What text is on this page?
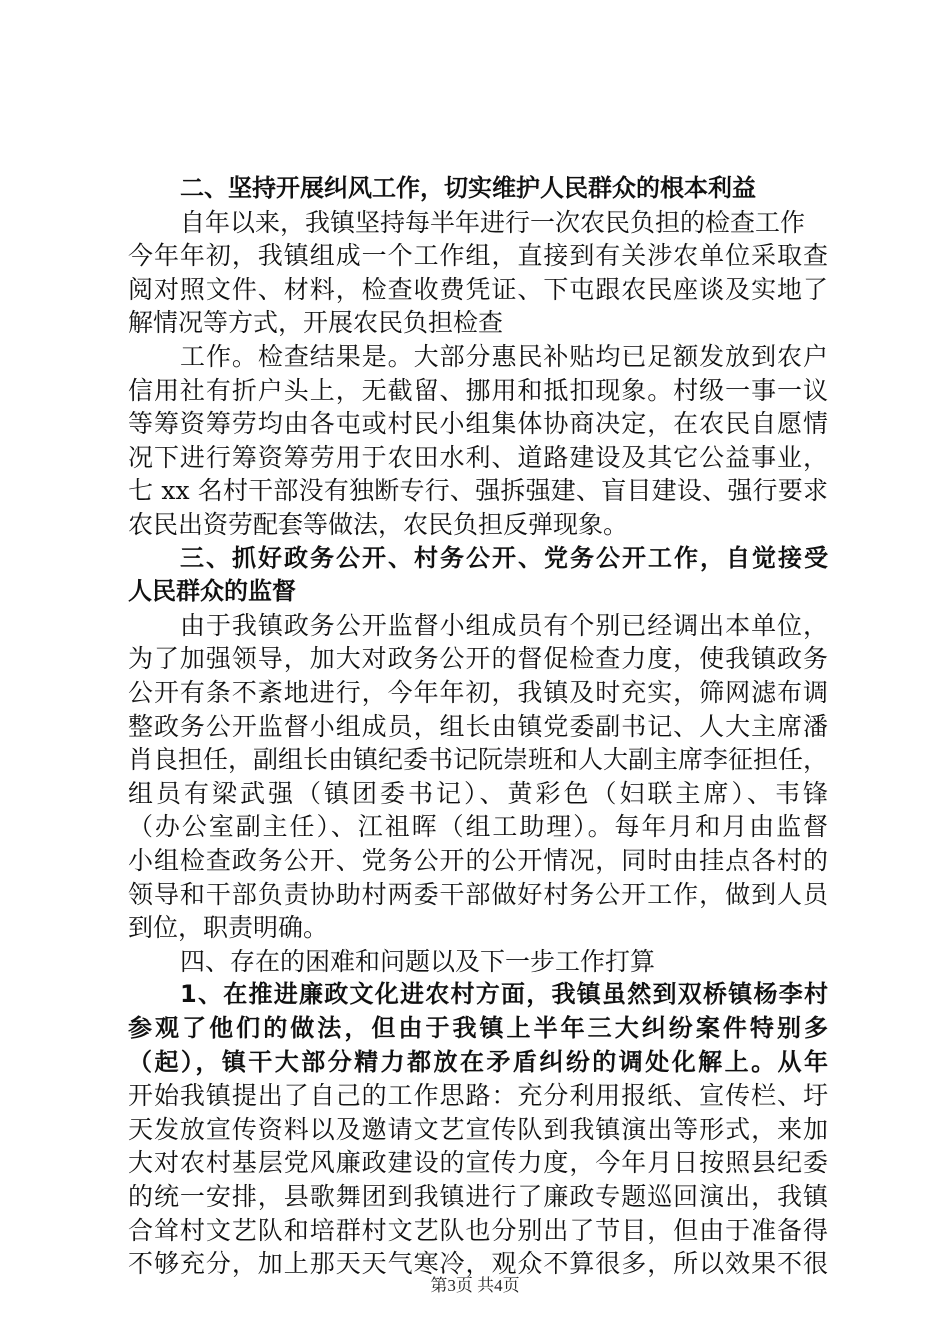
二、坚持开展纠风工作，切实维护人民群众的根本利益
自年以来，我镇坚持每半年进行一次农民负担的检查工作
今年年初，我镇组成一个工作组，直接到有关涉农单位采取查
阅对照文件、材料，检查收费凭证、下屯跟农民座谈及实地了
解情况等方式，开展农民负担检查
工作。检查结果是。大部分惠民补贴均已足额发放到农户
信用社有折户头上，无截留、挪用和抵扣现象。村级一事一议
等筹资筹劳均由各屯或村民小组集体协商决定，在农民自愿情
况下进行筹资筹劳用于农田水利、道路建设及其它公益事业，
七 xx 名村干部没有独断专行、强拆强建、盲目建设、强行要求
农民出资劳配套等做法，农民负担反弹现象。
三、抓好政务公开、村务公开、党务公开工作，自觉接受
人民群众的监督
由于我镇政务公开监督小组成员有个别已经调出本单位，
为了加强领导，加大对政务公开的督促检查力度，使我镇政务
公开有条不紊地进行，今年年初，我镇及时充实，筛网滤布调
整政务公开监督小组成员，组长由镇党委副书记、人大主席潘
肖良担任，副组长由镇纪委书记阮崇班和人大副主席李征担任，
组员有梁武强（镇团委书记）、黄彩色（妇联主席）、韦锋
（办公室副主任）、江祖晖（组工助理）。每年月和月由监督
小组检查政务公开、党务公开的公开情况，同时由挂点各村的
领导和干部负责协助村两委干部做好村务公开工作，做到人员
到位，职责明确。
四、存在的困难和问题以及下一步工作打算
1、在推进廉政文化进农村方面，我镇虽然到双桥镇杨李村
参观了他们的做法，但由于我镇上半年三大纠纷案件特别多
（起），镇干大部分精力都放在矛盾纠纷的调处化解上。从年
开始我镇提出了自己的工作思路：充分利用报纸、宣传栏、圩
天发放宣传资料以及邀请文艺宣传队到我镇演出等形式，来加
大对农村基层党风廉政建设的宣传力度，今年月日按照县纪委
的统一安排，县歌舞团到我镇进行了廉政专题巡回演出，我镇
合耸村文艺队和培群村文艺队也分别出了节目，但由于准备得
不够充分，加上那天天气寒冷，观众不算很多，所以效果不很
第3页 共4页
